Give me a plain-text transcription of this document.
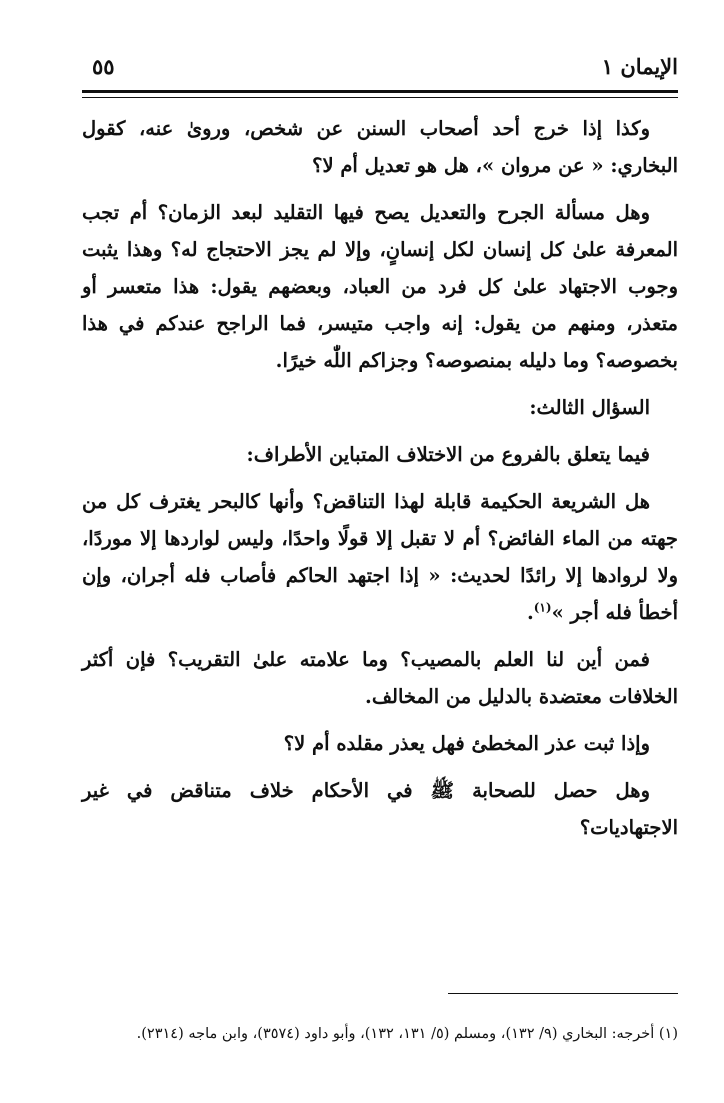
الإيمان ١
٥٥

وكذا إذا خرج أحد أصحاب السنن عن شخص، وروىٰ عنه، كقول البخاري: « عن مروان »، هل هو تعديل أم لا؟

وهل مسألة الجرح والتعديل يصح فيها التقليد لبعد الزمان؟ أم تجب المعرفة علىٰ كل إنسان لكل إنسانٍ، وإلا لم يجز الاحتجاج له؟ وهذا يثبت وجوب الاجتهاد علىٰ كل فرد من العباد، وبعضهم يقول: هذا متعسر أو متعذر، ومنهم من يقول: إنه واجب متيسر، فما الراجح عندكم في هذا بخصوصه؟ وما دليله بمنصوصه؟ وجزاكم اللّٰه خيرًا.

السؤال الثالث:

فيما يتعلق بالفروع من الاختلاف المتباين الأطراف:

هل الشريعة الحكيمة قابلة لهذا التناقض؟ وأنها كالبحر يغترف كل من جهته من الماء الفائض؟ أم لا تقبل إلا قولًا واحدًا، وليس لواردها إلا موردًا، ولا لروادها إلا رائدًا لحديث: « إذا اجتهد الحاكم فأصاب فله أجران، وإن أخطأ فله أجر »$^{(١)}$.

فمن أين لنا العلم بالمصيب؟ وما علامته علىٰ التقريب؟ فإن أكثر الخلافات معتضدة بالدليل من المخالف.

وإذا ثبت عذر المخطئ فهل يعذر مقلده أم لا؟

وهل حصل للصحابة ﷺ في الأحكام خلاف متناقض في غير الاجتهاديات؟

(١) أخرجه: البخاري (٩/ ١٣٢)، ومسلم (٥/ ١٣١، ١٣٢)، وأبو داود (٣٥٧٤)، وابن ماجه (٢٣١٤).
